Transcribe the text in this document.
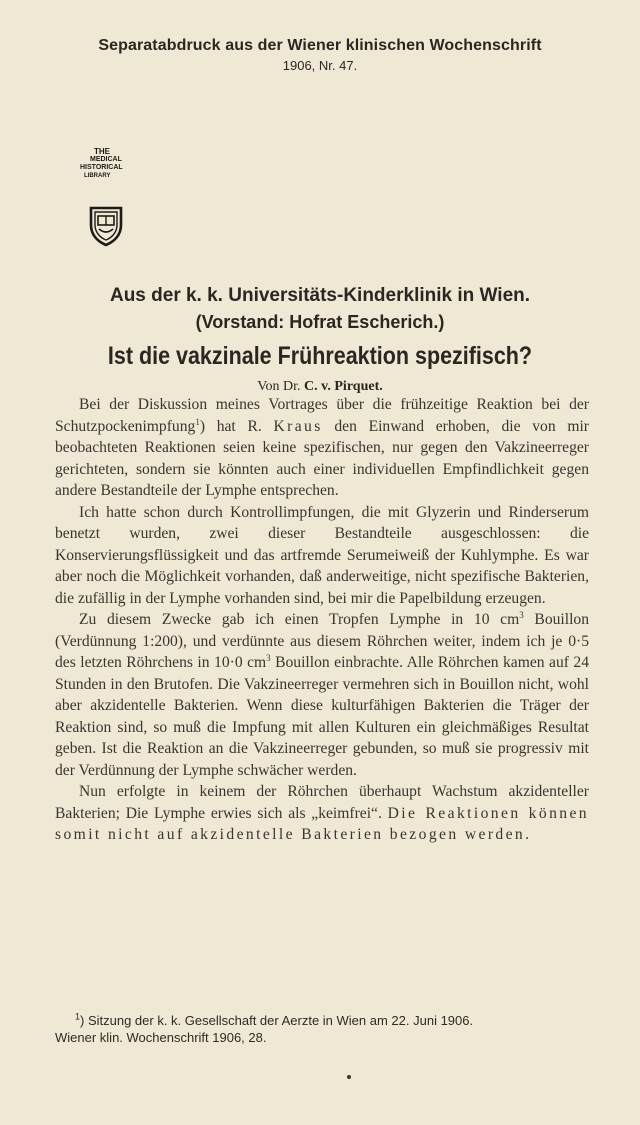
Separatabdruck aus der Wiener klinischen Wochenschrift
1906, Nr. 47.
THE
MEDICAL
HISTORICAL
LIBRARY
Aus der k. k. Universitäts-Kinderklinik in Wien.
(Vorstand: Hofrat Escherich.)
Ist die vakzinale Frühreaktion spezifisch?
Von Dr. C. v. Pirquet.

Bei der Diskussion meines Vortrages über die frühzeitige Reaktion bei der Schutzpockenimpfung$^1$) hat R. Kraus den Einwand erhoben, die von mir beobachteten Reaktionen seien keine spezifischen, nur gegen den Vakzineerreger gerichteten, sondern sie könnten auch einer individuellen Empfindlichkeit gegen andere Bestandteile der Lymphe entsprechen.

Ich hatte schon durch Kontrollimpfungen, die mit Glyzerin und Rinderserum benetzt wurden, zwei dieser Bestandteile ausgeschlossen: die Konservierungsflüssigkeit und das artfremde Serumeiweiß der Kuhlymphe. Es war aber noch die Möglichkeit vorhanden, daß anderweitige, nicht spezifische Bakterien, die zufällig in der Lymphe vorhanden sind, bei mir die Papelbildung erzeugen.

Zu diesem Zwecke gab ich einen Tropfen Lymphe in 10 $cm^3$ Bouillon (Verdünnung 1:200), und verdünnte aus diesem Röhrchen weiter, indem ich je 0·5 des letzten Röhrchens in 10·0 $cm^3$ Bouillon einbrachte. Alle Röhrchen kamen auf 24 Stunden in den Brutofen. Die Vakzineerreger vermehren sich in Bouillon nicht, wohl aber akzidentelle Bakterien. Wenn diese kulturfähigen Bakterien die Träger der Reaktion sind, so muß die Impfung mit allen Kulturen ein gleichmäßiges Resultat geben. Ist die Reaktion an die Vakzineerreger gebunden, so muß sie progressiv mit der Verdünnung der Lymphe schwächer werden.

Nun erfolgte in keinem der Röhrchen überhaupt Wachstum akzidenteller Bakterien; Die Lymphe erwies sich als „keimfrei“. Die Reaktionen können somit nicht auf akzidentelle Bakterien bezogen werden.

$^1$) Sitzung der k. k. Gesellschaft der Aerzte in Wien am 22. Juni 1906.
Wiener klin. Wochenschrift 1906, 28.
